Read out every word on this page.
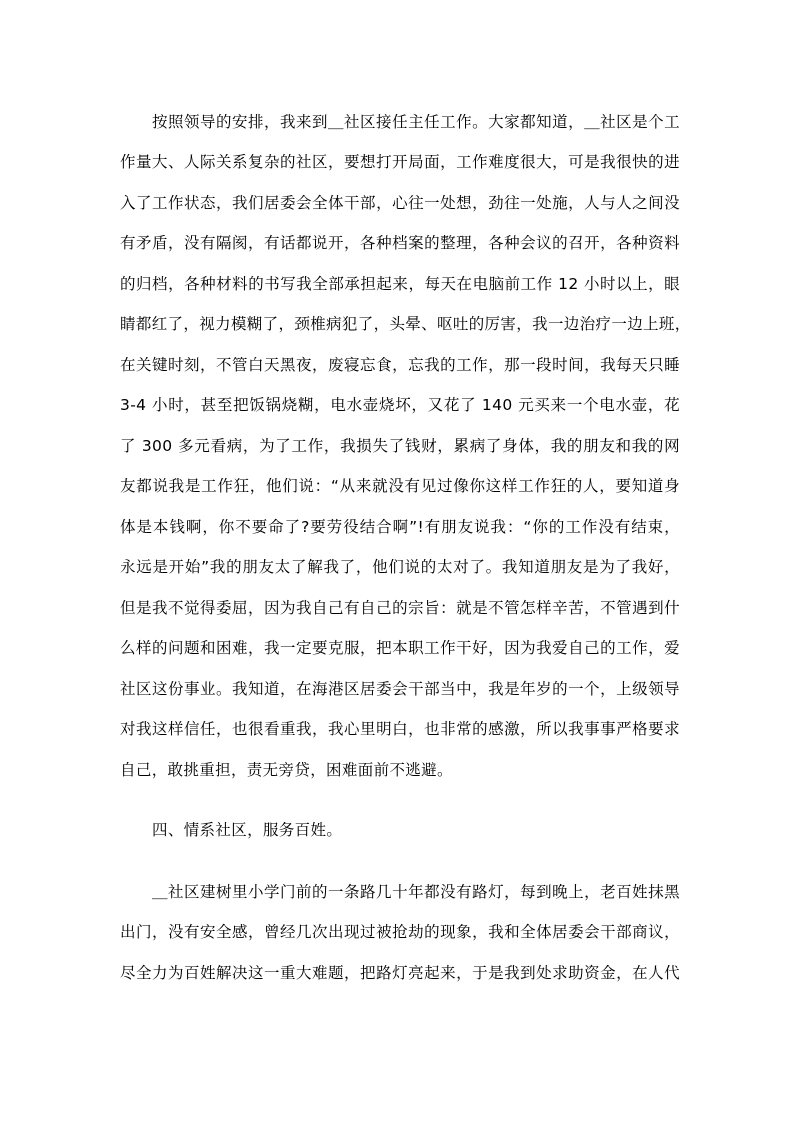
按照领导的安排，我来到＿社区接任主任工作。大家都知道，＿社区是个工
作量大、人际关系复杂的社区，要想打开局面，工作难度很大，可是我很快的进
入了工作状态，我们居委会全体干部，心往一处想，劲往一处施，人与人之间没
有矛盾，没有隔阂，有话都说开，各种档案的整理，各种会议的召开，各种资料
的归档，各种材料的书写我全部承担起来，每天在电脑前工作 12 小时以上，眼
睛都红了，视力模糊了，颈椎病犯了，头晕、呕吐的厉害，我一边治疗一边上班，
在关键时刻，不管白天黑夜，废寝忘食，忘我的工作，那一段时间，我每天只睡
3-4 小时，甚至把饭锅烧糊，电水壶烧坏，又花了 140 元买来一个电水壶，花
了 300 多元看病，为了工作，我损失了钱财，累病了身体，我的朋友和我的网
友都说我是工作狂，他们说：“从来就没有见过像你这样工作狂的人，要知道身
体是本钱啊，你不要命了?要劳役结合啊”!有朋友说我：“你的工作没有结束，
永远是开始”我的朋友太了解我了，他们说的太对了。我知道朋友是为了我好，
但是我不觉得委屈，因为我自己有自己的宗旨：就是不管怎样辛苦，不管遇到什
么样的问题和困难，我一定要克服，把本职工作干好，因为我爱自己的工作，爱
社区这份事业。我知道，在海港区居委会干部当中，我是年岁的一个，上级领导
对我这样信任，也很看重我，我心里明白，也非常的感激，所以我事事严格要求
自己，敢挑重担，责无旁贷，困难面前不逃避。
四、情系社区，服务百姓。
＿社区建树里小学门前的一条路几十年都没有路灯，每到晚上，老百姓抹黑
出门，没有安全感，曾经几次出现过被抢劫的现象，我和全体居委会干部商议，
尽全力为百姓解决这一重大难题，把路灯亮起来，于是我到处求助资金，在人代
